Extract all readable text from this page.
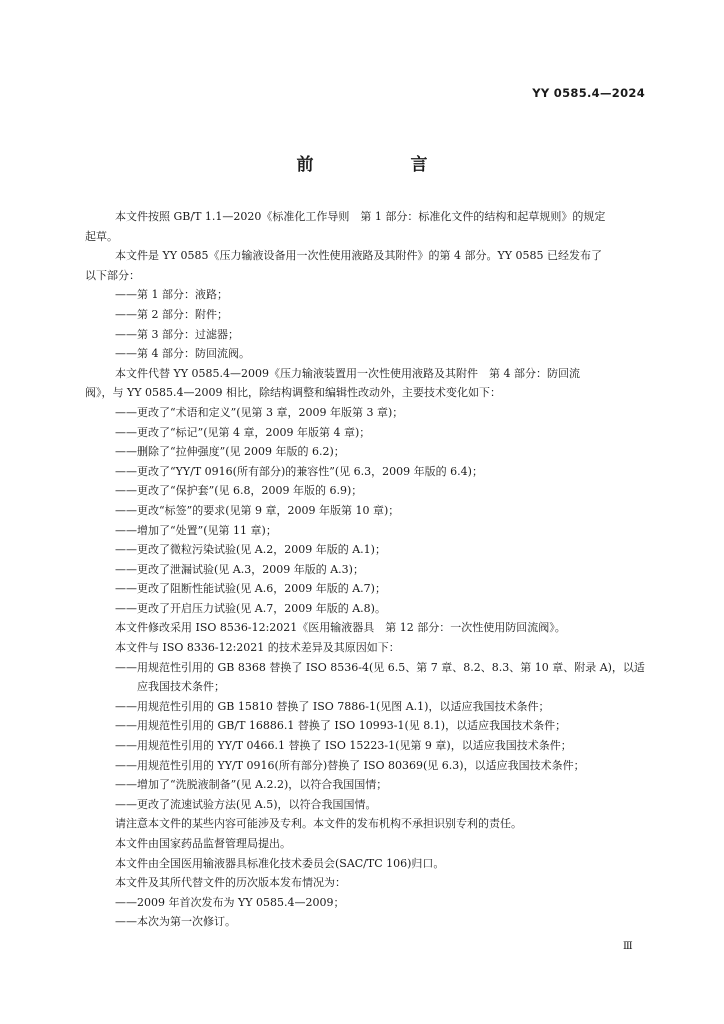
YY 0585.4—2024
前　言
本文件按照 GB/T 1.1—2020《标准化工作导则　第 1 部分：标准化文件的结构和起草规则》的规定
起草。
本文件是 YY 0585《压力输液设备用一次性使用液路及其附件》的第 4 部分。YY 0585 已经发布了
以下部分：
——第 1 部分：液路；
——第 2 部分：附件；
——第 3 部分：过滤器；
——第 4 部分：防回流阀。
本文件代替 YY 0585.4—2009《压力输液装置用一次性使用液路及其附件　第 4 部分：防回流
阀》，与 YY 0585.4—2009 相比，除结构调整和编辑性改动外，主要技术变化如下：
——更改了“术语和定义”(见第 3 章，2009 年版第 3 章)；
——更改了“标记”(见第 4 章，2009 年版第 4 章)；
——删除了“拉伸强度”(见 2009 年版的 6.2)；
——更改了“YY/T 0916(所有部分)的兼容性”(见 6.3，2009 年版的 6.4)；
——更改了“保护套”(见 6.8，2009 年版的 6.9)；
——更改“标签”的要求(见第 9 章，2009 年版第 10 章)；
——增加了“处置”(见第 11 章)；
——更改了微粒污染试验(见 A.2，2009 年版的 A.1)；
——更改了泄漏试验(见 A.3，2009 年版的 A.3)；
——更改了阻断性能试验(见 A.6，2009 年版的 A.7)；
——更改了开启压力试验(见 A.7，2009 年版的 A.8)。
本文件修改采用 ISO 8536-12:2021《医用输液器具　第 12 部分：一次性使用防回流阀》。
本文件与 ISO 8336-12:2021 的技术差异及其原因如下：
——用规范性引用的 GB 8368 替换了 ISO 8536-4(见 6.5、第 7 章、8.2、8.3、第 10 章、附录 A)，以适
应我国技术条件；
——用规范性引用的 GB 15810 替换了 ISO 7886-1(见图 A.1)，以适应我国技术条件；
——用规范性引用的 GB/T 16886.1 替换了 ISO 10993-1(见 8.1)，以适应我国技术条件；
——用规范性引用的 YY/T 0466.1 替换了 ISO 15223-1(见第 9 章)，以适应我国技术条件；
——用规范性引用的 YY/T 0916(所有部分)替换了 ISO 80369(见 6.3)，以适应我国技术条件；
——增加了“洗脱液制备”(见 A.2.2)，以符合我国国情；
——更改了流速试验方法(见 A.5)，以符合我国国情。
请注意本文件的某些内容可能涉及专利。本文件的发布机构不承担识别专利的责任。
本文件由国家药品监督管理局提出。
本文件由全国医用输液器具标准化技术委员会(SAC/TC 106)归口。
本文件及其所代替文件的历次版本发布情况为：
——2009 年首次发布为 YY 0585.4—2009；
——本次为第一次修订。
Ⅲ
